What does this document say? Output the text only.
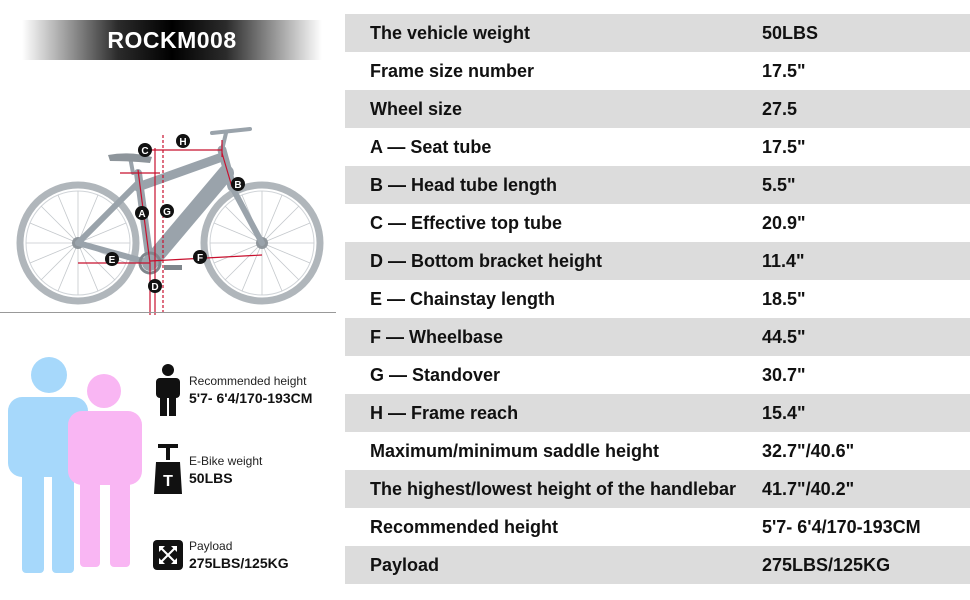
ROCKM008
A
B
C
D
E	F
G
H
Recommended height
5'7- 6'4/170-193CM
T
E-Bike weight
50LBS
Payload
275LBS/125KG
The vehicle weight	50LBS
Frame size number	17.5"
Wheel size	27.5
A — Seat tube	17.5"
B — Head tube length	5.5"
C — Effective top tube	20.9"
D — Bottom bracket height	11.4"
E — Chainstay length	18.5"
F — Wheelbase	44.5"
G — Standover	30.7"
H — Frame reach	15.4"
Maximum/minimum saddle height	32.7"/40.6"
The highest/lowest height of the handlebar	41.7"/40.2"
Recommended height	5'7- 6'4/170-193CM
Payload	275LBS/125KG
